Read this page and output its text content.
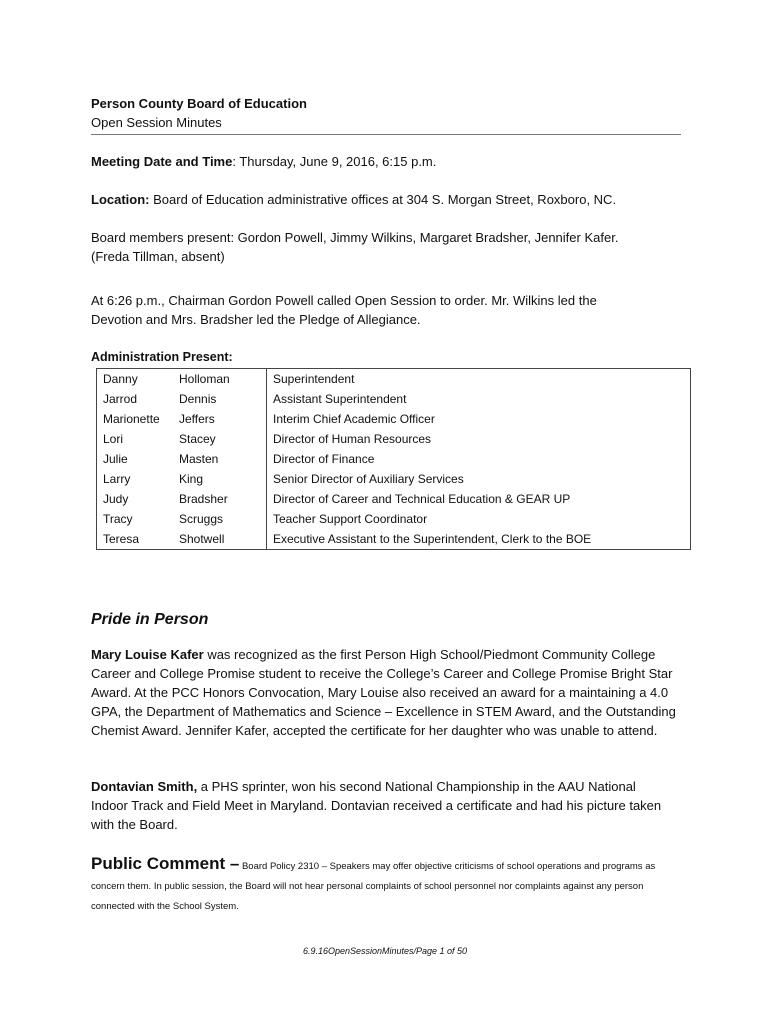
Person County Board of Education
Open Session Minutes
Meeting Date and Time: Thursday, June 9, 2016, 6:15 p.m.
Location: Board of Education administrative offices at 304 S. Morgan Street, Roxboro, NC.
Board members present: Gordon Powell, Jimmy Wilkins, Margaret Bradsher, Jennifer Kafer.
(Freda Tillman, absent)
At 6:26 p.m., Chairman Gordon Powell called Open Session to order. Mr. Wilkins led the Devotion and Mrs. Bradsher led the Pledge of Allegiance.
Administration Present:
Danny	Holloman	Superintendent
Jarrod	Dennis	Assistant Superintendent
Marionette	Jeffers	Interim Chief Academic Officer
Lori	Stacey	Director of Human Resources
Julie	Masten	Director of Finance
Larry	King	Senior Director of Auxiliary Services
Judy	Bradsher	Director of Career and Technical Education & GEAR UP
Tracy	Scruggs	Teacher Support Coordinator
Teresa	Shotwell	Executive Assistant to the Superintendent, Clerk to the BOE
Pride in Person
Mary Louise Kafer was recognized as the first Person High School/Piedmont Community College Career and College Promise student to receive the College’s Career and College Promise Bright Star Award. At the PCC Honors Convocation, Mary Louise also received an award for a maintaining a 4.0 GPA, the Department of Mathematics and Science – Excellence in STEM Award, and the Outstanding Chemist Award. Jennifer Kafer, accepted the certificate for her daughter who was unable to attend.
Dontavian Smith, a PHS sprinter, won his second National Championship in the AAU National Indoor Track and Field Meet in Maryland. Dontavian received a certificate and had his picture taken with the Board.
Public Comment – Board Policy 2310 – Speakers may offer objective criticisms of school operations and programs as concern them. In public session, the Board will not hear personal complaints of school personnel nor complaints against any person connected with the School System.
6.9.16OpenSessionMinutes/Page 1 of 50
